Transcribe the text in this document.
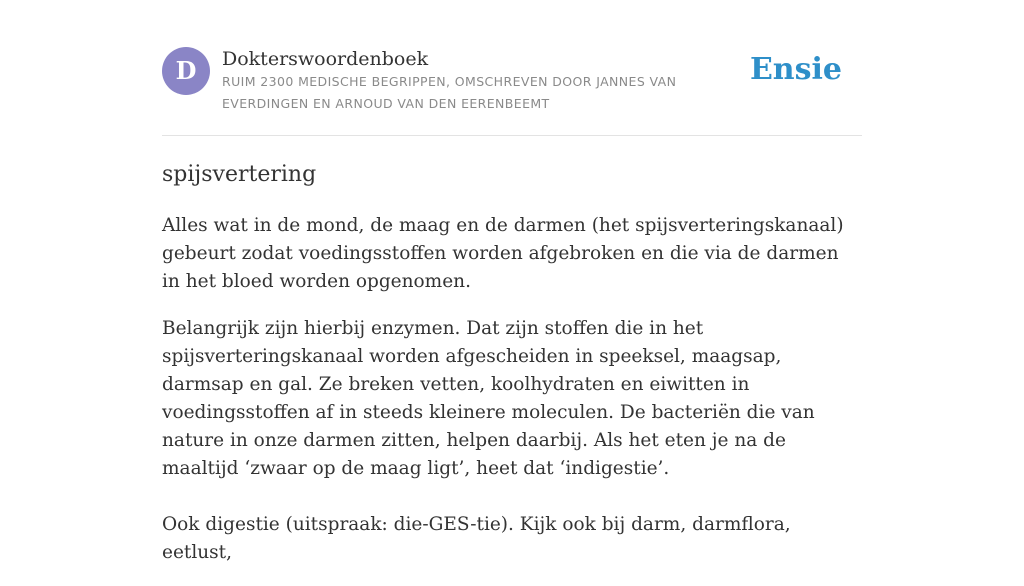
D	Dokterswoordenboek
RUIM 2300 MEDISCHE BEGRIPPEN, OMSCHREVEN DOOR JANNES VAN EVERDINGEN EN ARNOUD VAN DEN EERENBEEMT
Ensie
spijsvertering

Alles wat in de mond, de maag en de darmen (het spijsverteringskanaal) gebeurt zodat voedingsstoffen worden afgebroken en die via de darmen in het bloed worden opgenomen.

Belangrijk zijn hierbij enzymen. Dat zijn stoffen die in het spijsverteringskanaal worden afgescheiden in speeksel, maagsap, darmsap en gal. Ze breken vetten, koolhydraten en eiwitten in voedingsstoffen af in steeds kleinere moleculen. De bacteriën die van nature in onze darmen zitten, helpen daarbij. Als het eten je na de maaltijd ‘zwaar op de maag ligt’, heet dat ‘indigestie’.

Ook digestie (uitspraak: die-GES-tie). Kijk ook bij darm, darmflora, eetlust,
